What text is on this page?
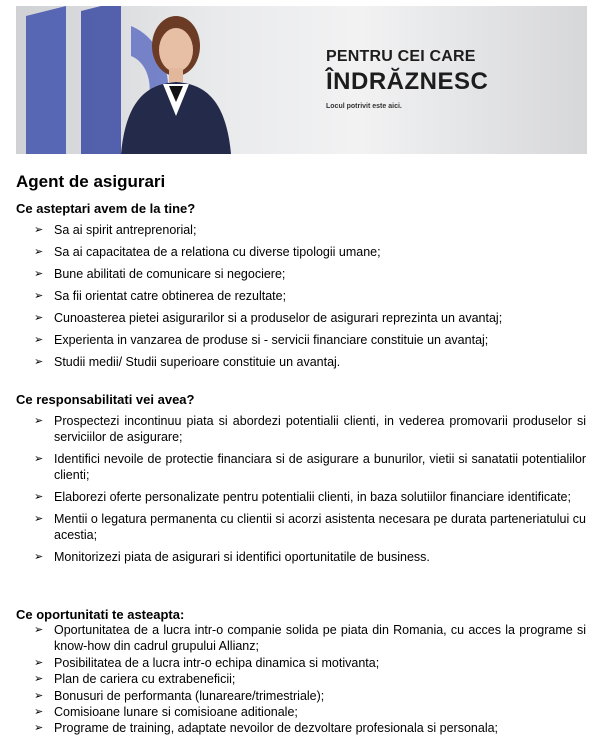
PENTRU CEI CARE
ÎNDRĂZNESC
Locul potrivit este aici.
Agent de asigurari
Ce asteptari avem de la tine?
➢ Sa ai spirit antreprenorial;
➢ Sa ai capacitatea de a relationa cu diverse tipologii umane;
➢ Bune abilitati de comunicare si negociere;
➢ Sa fii orientat catre obtinerea de rezultate;
➢ Cunoasterea pietei asigurarilor si a produselor de asigurari reprezinta un avantaj;
➢ Experienta in vanzarea de produse si - servicii financiare constituie un avantaj;
➢ Studii medii/ Studii superioare constituie un avantaj.
Ce responsabilitati vei avea?
➢ Prospectezi incontinuu piata si abordezi potentialii clienti, in vederea promovarii produselor si serviciilor de asigurare;
➢ Identifici nevoile de protectie financiara si de asigurare a bunurilor, vietii si sanatatii potentialilor clienti;
➢ Elaborezi oferte personalizate pentru potentialii clienti, in baza solutiilor financiare identificate;
➢ Mentii o legatura permanenta cu clientii si acorzi asistenta necesara pe durata parteneriatului cu acestia;
➢ Monitorizezi piata de asigurari si identifici oportunitatile de business.
Ce oportunitati te asteapta:
➢ Oportunitatea de a lucra intr-o companie solida pe piata din Romania, cu acces la programe si know-how din cadrul grupului Allianz;
➢ Posibilitatea de a lucra intr-o echipa dinamica si motivanta;
➢ Plan de cariera cu extrabeneficii;
➢ Bonusuri de performanta (lunareare/trimestriale);
➢ Comisioane lunare si comisioane aditionale;
➢ Programe de training, adaptate nevoilor de dezvoltare profesionala si personala;
